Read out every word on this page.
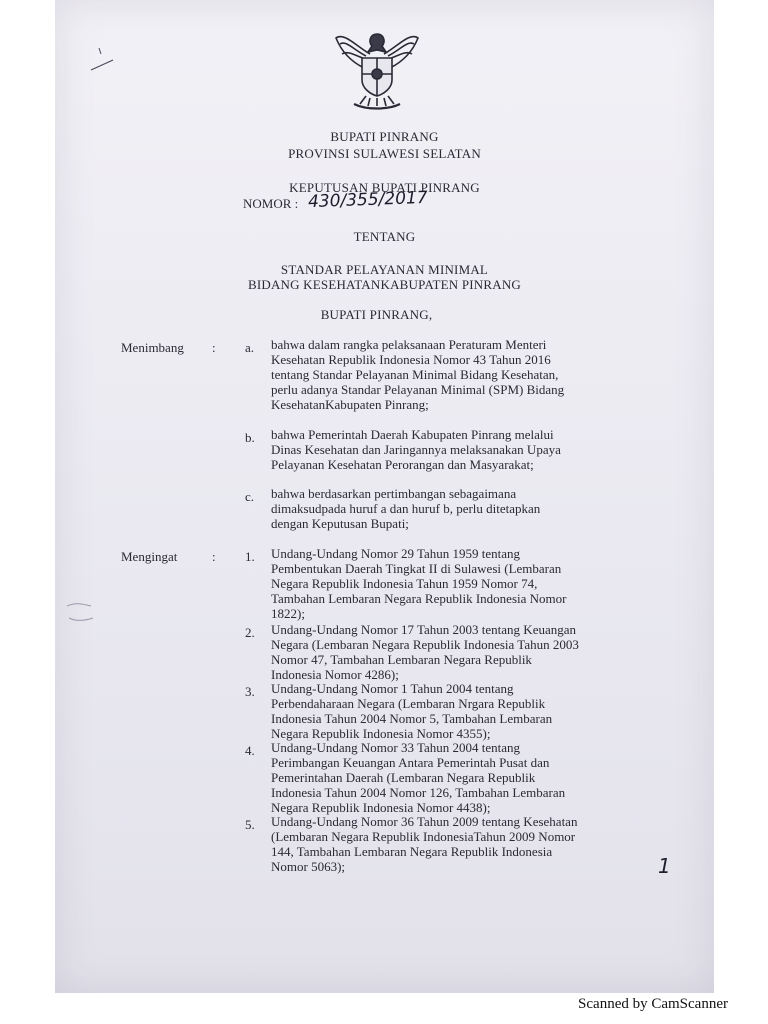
BUPATI PINRANG
PROVINSI SULAWESI SELATAN
KEPUTUSAN BUPATI PINRANG
NOMOR : 430/355/2017
TENTANG
STANDAR PELAYANAN MINIMAL
BIDANG KESEHATANKABUPATEN PINRANG
BUPATI PINRANG,
Menimbang : a. bahwa dalam rangka pelaksanaan Peraturam Menteri
Kesehatan Republik Indonesia Nomor 43 Tahun 2016
tentang Standar Pelayanan Minimal Bidang Kesehatan,
perlu adanya Standar Pelayanan Minimal (SPM) Bidang
KesehatanKabupaten Pinrang;
b. bahwa Pemerintah Daerah Kabupaten Pinrang melalui
Dinas Kesehatan dan Jaringannya melaksanakan Upaya
Pelayanan Kesehatan Perorangan dan Masyarakat;
c. bahwa berdasarkan pertimbangan sebagaimana
dimaksudpada huruf a dan huruf b, perlu ditetapkan
dengan Keputusan Bupati;
Mengingat	: 1. Undang-Undang Nomor 29 Tahun 1959 tentang
Pembentukan Daerah Tingkat II di Sulawesi (Lembaran
Negara Republik Indonesia Tahun 1959 Nomor 74,
Tambahan Lembaran Negara Republik Indonesia Nomor
1822);
2. Undang-Undang Nomor 17 Tahun 2003 tentang Keuangan
Negara (Lembaran Negara Republik Indonesia Tahun 2003
Nomor 47, Tambahan Lembaran Negara Republik
Indonesia Nomor 4286);
3. Undang-Undang Nomor 1 Tahun 2004 tentang
Perbendaharaan Negara (Lembaran Nrgara Republik
Indonesia Tahun 2004 Nomor 5, Tambahan Lembaran
Negara Republik Indonesia Nomor 4355);
4. Undang-Undang Nomor 33 Tahun 2004 tentang
Perimbangan Keuangan Antara Pemerintah Pusat dan
Pemerintahan Daerah (Lembaran Negara Republik
Indonesia Tahun 2004 Nomor 126, Tambahan Lembaran
Negara Republik Indonesia Nomor 4438);
5. Undang-Undang Nomor 36 Tahun 2009 tentang Kesehatan
(Lembaran Negara Republik IndonesiaTahun 2009 Nomor
144, Tambahan Lembaran Negara Republik Indonesia
Nomor 5063);	1
Scanned by CamScanner
